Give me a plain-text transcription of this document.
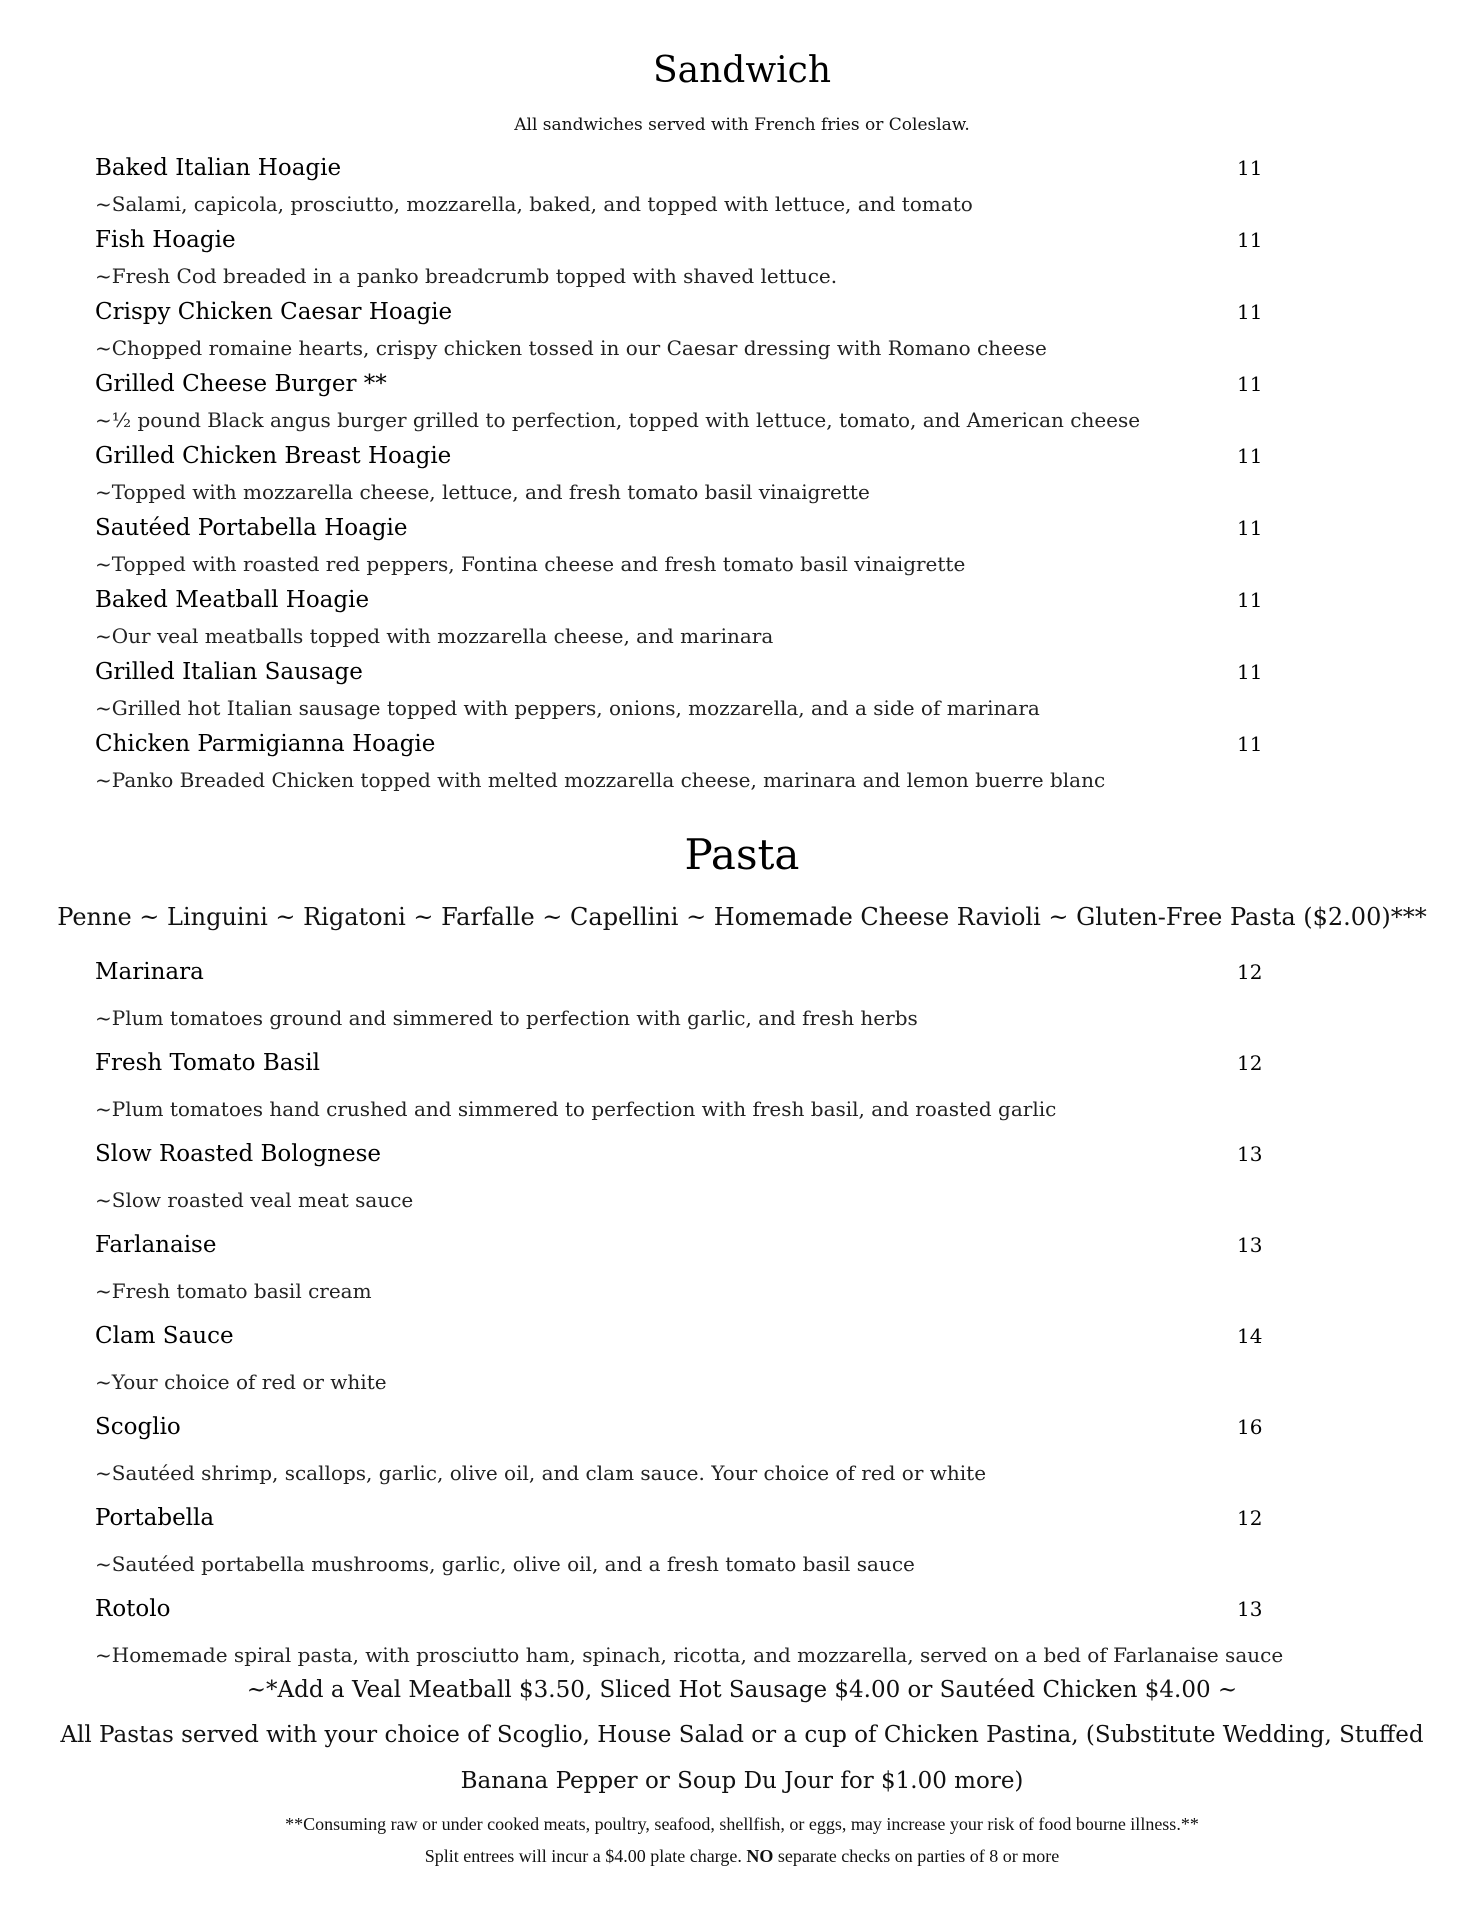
Sandwich
All sandwiches served with French fries or Coleslaw.
Baked Italian Hoagie	11
~Salami, capicola, prosciutto, mozzarella, baked, and topped with lettuce, and tomato
Fish Hoagie	11
~Fresh Cod breaded in a panko breadcrumb topped with shaved lettuce.
Crispy Chicken Caesar Hoagie	11
~Chopped romaine hearts, crispy chicken tossed in our Caesar dressing with Romano cheese
Grilled Cheese Burger **	11
~½ pound Black angus burger grilled to perfection, topped with lettuce, tomato, and American cheese
Grilled Chicken Breast Hoagie	11
~Topped with mozzarella cheese, lettuce, and fresh tomato basil vinaigrette
Sautéed Portabella Hoagie	11
~Topped with roasted red peppers, Fontina cheese and fresh tomato basil vinaigrette
Baked Meatball Hoagie	11
~Our veal meatballs topped with mozzarella cheese, and marinara
Grilled Italian Sausage	11
~Grilled hot Italian sausage topped with peppers, onions, mozzarella, and a side of marinara
Chicken Parmigianna Hoagie	11
~Panko Breaded Chicken topped with melted mozzarella cheese, marinara and lemon buerre blanc
Pasta
Penne ~ Linguini ~ Rigatoni ~ Farfalle ~ Capellini ~ Homemade Cheese Ravioli ~ Gluten-Free Pasta ($2.00)***
Marinara	12
~Plum tomatoes ground and simmered to perfection with garlic, and fresh herbs
Fresh Tomato Basil	12
~Plum tomatoes hand crushed and simmered to perfection with fresh basil, and roasted garlic
Slow Roasted Bolognese	13
~Slow roasted veal meat sauce
Farlanaise	13
~Fresh tomato basil cream
Clam Sauce	14
~Your choice of red or white
Scoglio	16
~Sautéed shrimp, scallops, garlic, olive oil, and clam sauce. Your choice of red or white
Portabella	12
~Sautéed portabella mushrooms, garlic, olive oil, and a fresh tomato basil sauce
Rotolo	13
~Homemade spiral pasta, with prosciutto ham, spinach, ricotta, and mozzarella, served on a bed of Farlanaise sauce
~*Add a Veal Meatball $3.50, Sliced Hot Sausage $4.00 or Sautéed Chicken $4.00 ~
All Pastas served with your choice of Scoglio, House Salad or a cup of Chicken Pastina, (Substitute Wedding, Stuffed
Banana Pepper or Soup Du Jour for $1.00 more)
**Consuming raw or under cooked meats, poultry, seafood, shellfish, or eggs, may increase your risk of food bourne illness.**
Split entrees will incur a $4.00 plate charge. NO separate checks on parties of 8 or more
